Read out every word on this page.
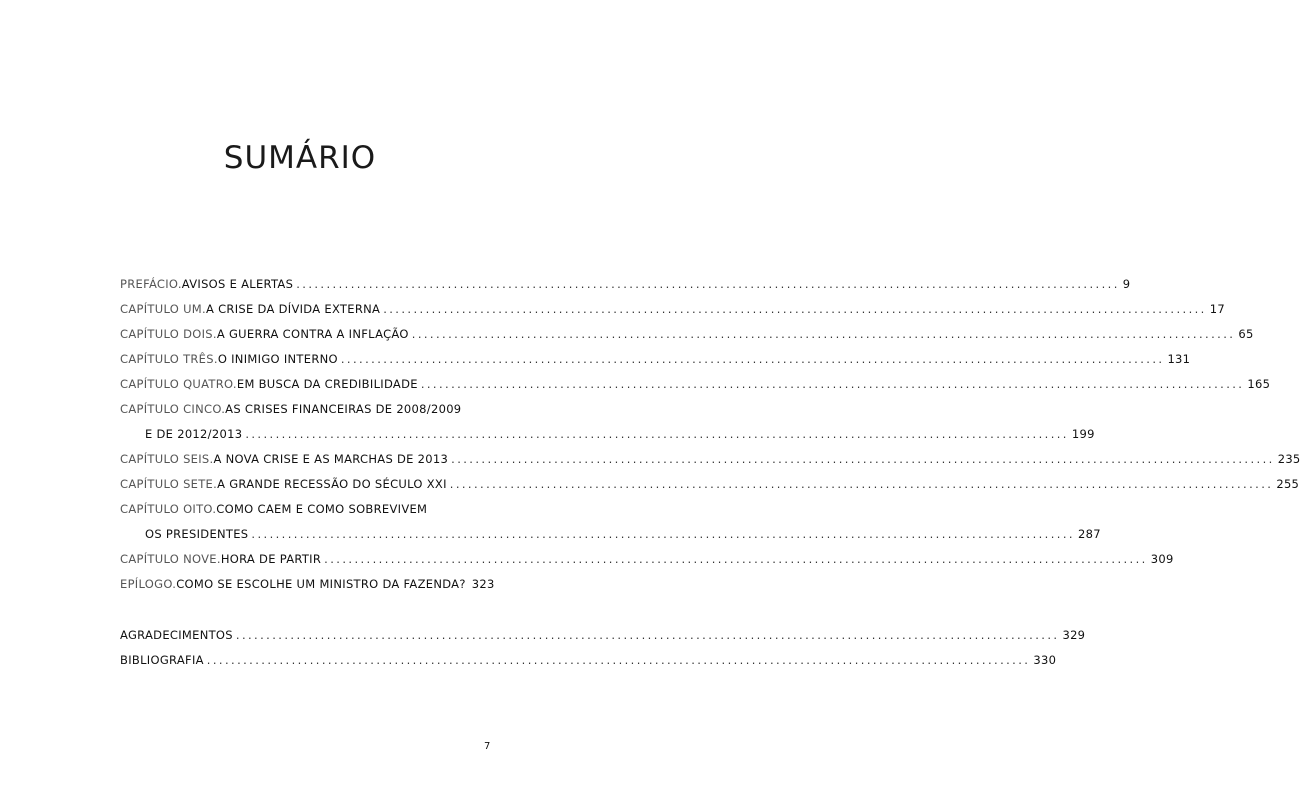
SUMÁRIO
PREFÁCIO. AVISOS E ALERTAS .....	9
CAPÍTULO UM. A CRISE DA DÍVIDA EXTERNA .....	17
CAPÍTULO DOIS. A GUERRA CONTRA A INFLAÇÃO .....	65
CAPÍTULO TRÊS. O INIMIGO INTERNO .....	131
CAPÍTULO QUATRO. EM BUSCA DA CREDIBILIDADE .....	165
CAPÍTULO CINCO. AS CRISES FINANCEIRAS DE 2008/2009
E DE 2012/2013 .....	199
CAPÍTULO SEIS. A NOVA CRISE E AS MARCHAS DE 2013 .....	235
CAPÍTULO SETE. A GRANDE RECESSÃO DO SÉCULO XXI .....	255
CAPÍTULO OITO. COMO CAEM E COMO SOBREVIVEM
OS PRESIDENTES .....	287
CAPÍTULO NOVE. HORA DE PARTIR .....	309
EPÍLOGO. COMO SE ESCOLHE UM MINISTRO DA FAZENDA? 323
AGRADECIMENTOS .....	329
BIBLIOGRAFIA .....	330
7
